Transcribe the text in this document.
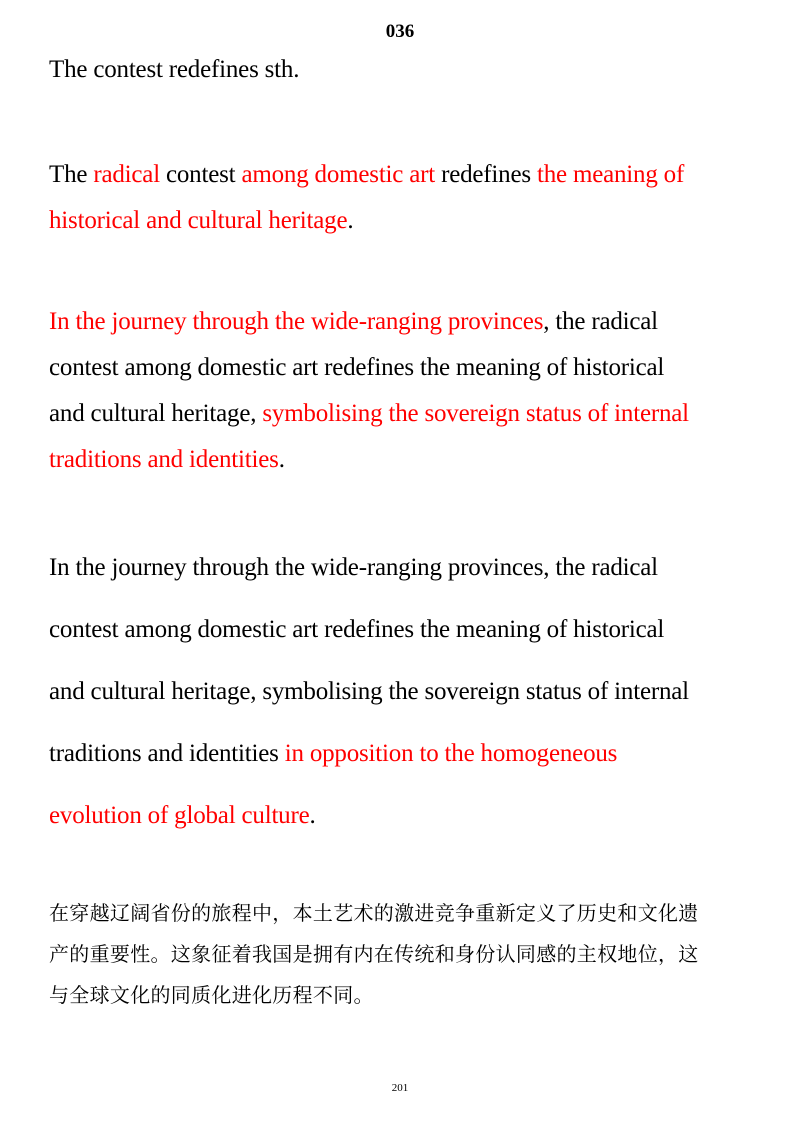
036
The contest redefines sth.
The radical contest among domestic art redefines the meaning of
historical and cultural heritage.
In the journey through the wide-ranging provinces, the radical
contest among domestic art redefines the meaning of historical
and cultural heritage, symbolising the sovereign status of internal
traditions and identities.
In the journey through the wide-ranging provinces, the radical
contest among domestic art redefines the meaning of historical
and cultural heritage, symbolising the sovereign status of internal
traditions and identities in opposition to the homogeneous
evolution of global culture.
在穿越辽阔省份的旅程中，本土艺术的激进竞争重新定义了历史和文化遗
产的重要性。这象征着我国是拥有内在传统和身份认同感的主权地位，这
与全球文化的同质化进化历程不同。
201
